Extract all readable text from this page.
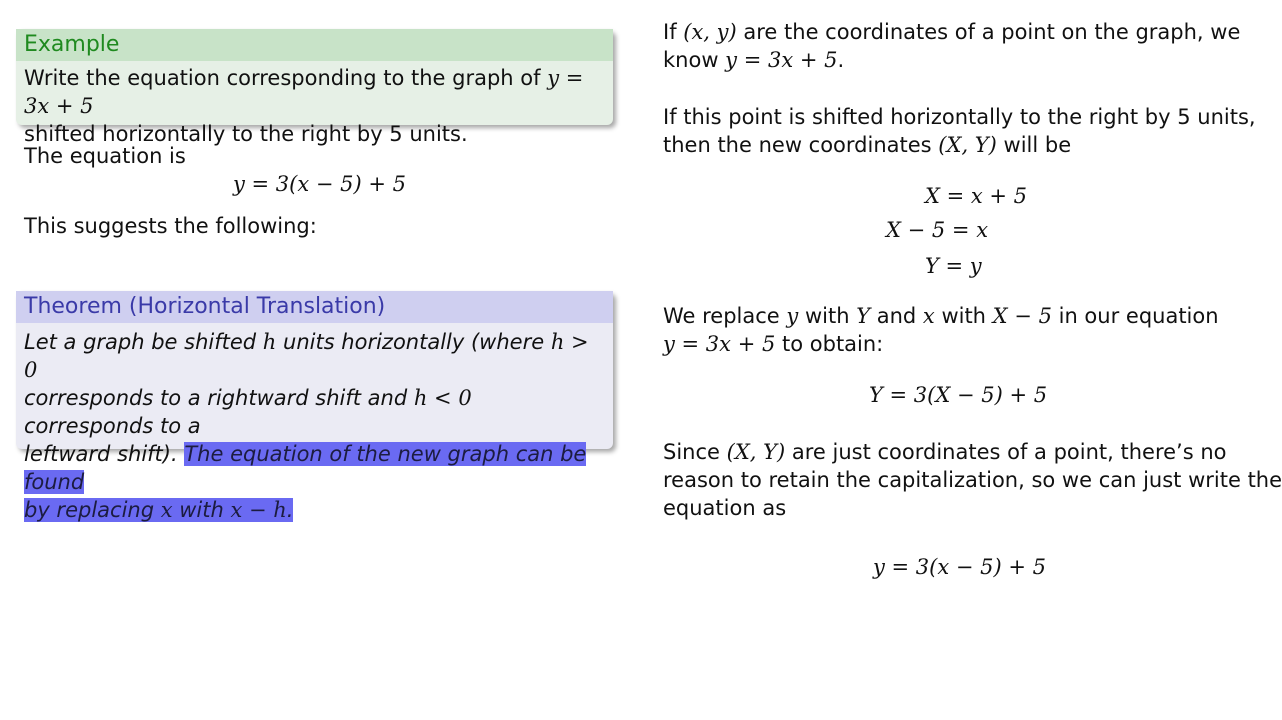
Example
Write the equation corresponding to the graph of y = 3x + 5
shifted horizontally to the right by 5 units.
The equation is
y = 3(x − 5) + 5
This suggests the following:
Theorem (Horizontal Translation)
Let a graph be shifted h units horizontally (where h > 0
corresponds to a rightward shift and h < 0 corresponds to a
leftward shift). The equation of the new graph can be found
by replacing x with x − h.
If (x, y) are the coordinates of a point on the graph, we
know y = 3x + 5.
If this point is shifted horizontally to the right by 5 units,
then the new coordinates (X, Y) will be
X = x + 5
X − 5 = x
Y = y
We replace y with Y and x with X − 5 in our equation
y = 3x + 5 to obtain:
Y = 3(X − 5) + 5
Since (X, Y) are just coordinates of a point, there’s no
reason to retain the capitalization, so we can just write the
equation as
y = 3(x − 5) + 5
